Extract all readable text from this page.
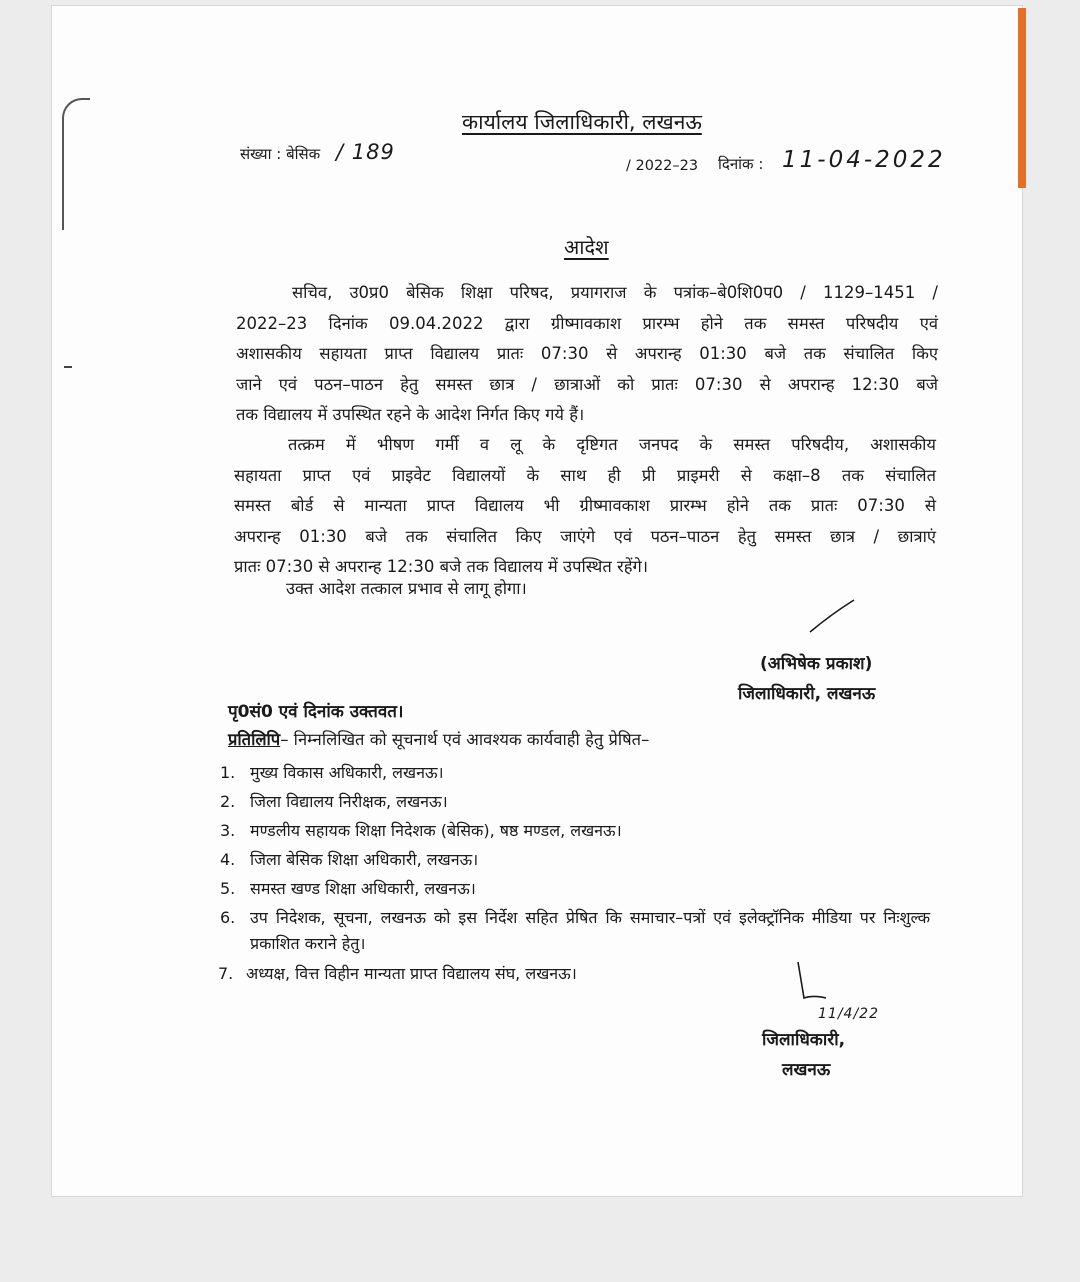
कार्यालय जिलाधिकारी, लखनऊ
संख्या : बेसिक / 189
/ 2022–23 दिनांक : 11-04-2022
आदेश
सचिव, उ0प्र0 बेसिक शिक्षा परिषद, प्रयागराज के पत्रांक–बे0शि0प0 / 1129–1451 /
2022–23 दिनांक 09.04.2022 द्वारा ग्रीष्मावकाश प्रारम्भ होने तक समस्त परिषदीय एवं
अशासकीय सहायता प्राप्त विद्यालय प्रातः 07:30 से अपरान्ह 01:30 बजे तक संचालित किए
जाने एवं पठन–पाठन हेतु समस्त छात्र / छात्राओं को प्रातः 07:30 से अपरान्ह 12:30 बजे
तक विद्यालय में उपस्थित रहने के आदेश निर्गत किए गये हैं।
तत्क्रम में भीषण गर्मी व लू के दृष्टिगत जनपद के समस्त परिषदीय, अशासकीय
सहायता प्राप्त एवं प्राइवेट विद्यालयों के साथ ही प्री प्राइमरी से कक्षा–8 तक संचालित
समस्त बोर्ड से मान्यता प्राप्त विद्यालय भी ग्रीष्मावकाश प्रारम्भ होने तक प्रातः 07:30 से
अपरान्ह 01:30 बजे तक संचालित किए जाएंगे एवं पठन–पाठन हेतु समस्त छात्र / छात्राएं
प्रातः 07:30 से अपरान्ह 12:30 बजे तक विद्यालय में उपस्थित रहेंगे।
उक्त आदेश तत्काल प्रभाव से लागू होगा।
(अभिषेक प्रकाश)
जिलाधिकारी, लखनऊ
पृ0सं0 एवं दिनांक उक्तवत।
प्रतिलिपि– निम्नलिखित को सूचनार्थ एवं आवश्यक कार्यवाही हेतु प्रेषित–
1. मुख्य विकास अधिकारी, लखनऊ।
2. जिला विद्यालय निरीक्षक, लखनऊ।
3. मण्डलीय सहायक शिक्षा निदेशक (बेसिक), षष्ठ मण्डल, लखनऊ।
4. जिला बेसिक शिक्षा अधिकारी, लखनऊ।
5. समस्त खण्ड शिक्षा अधिकारी, लखनऊ।
6. उप निदेशक, सूचना, लखनऊ को इस निर्देश सहित प्रेषित कि समाचार–पत्रों एवं इलेक्ट्रॉनिक मीडिया पर निःशुल्क प्रकाशित कराने हेतु।
7. अध्यक्ष, वित्त विहीन मान्यता प्राप्त विद्यालय संघ, लखनऊ।
11/4/22
जिलाधिकारी,
लखनऊ
